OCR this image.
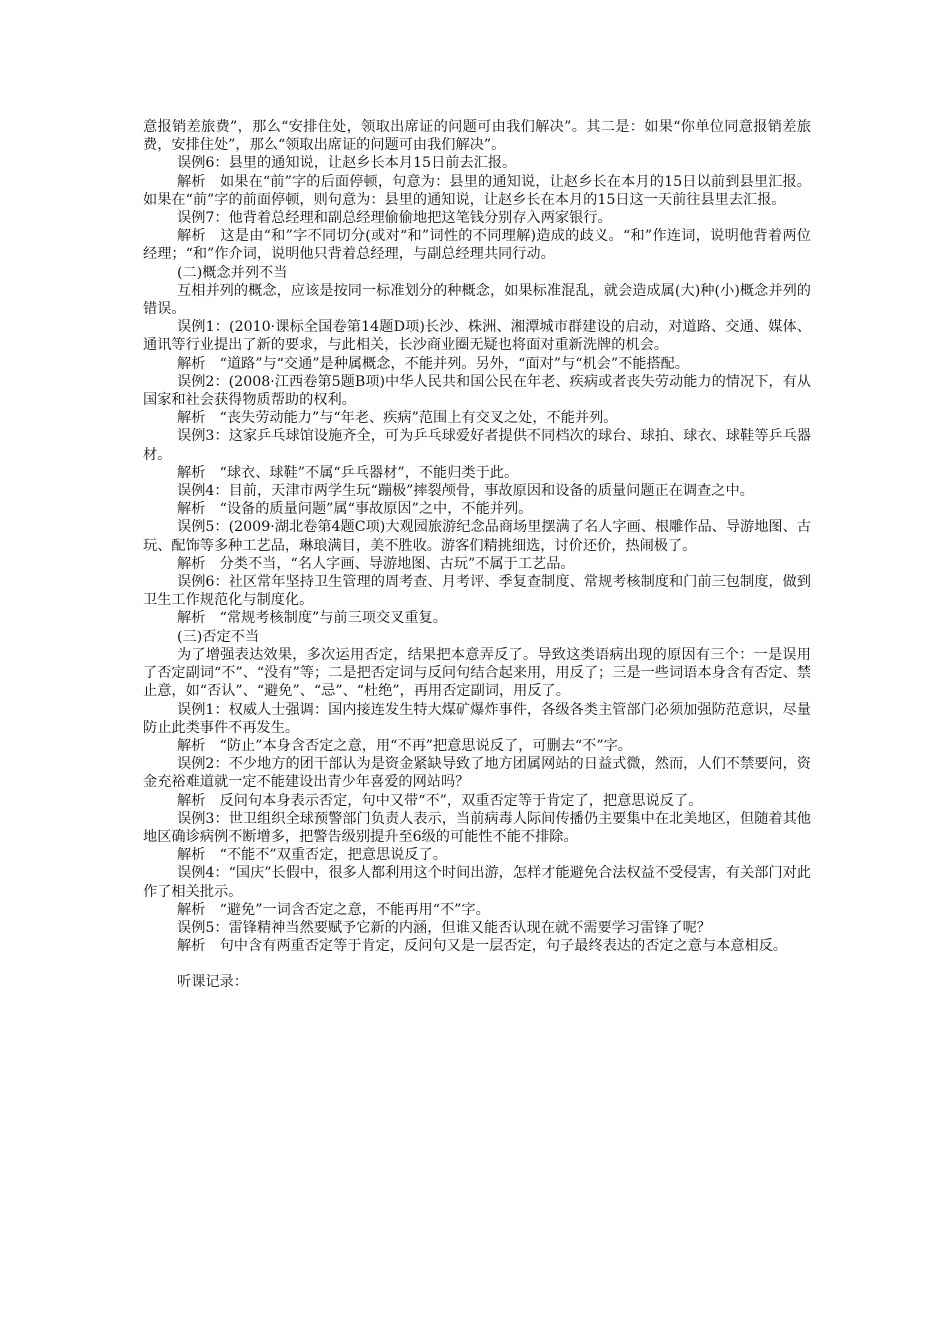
意报销差旅费”，那么“安排住处，领取出席证的问题可由我们解决”。其二是：如果“你单位同意报销差旅费，安排住处”，那么“领取出席证的问题可由我们解决”。

误例6：县里的通知说，让赵乡长本月15日前去汇报。

解析　如果在“前”字的后面停顿，句意为：县里的通知说，让赵乡长在本月的15日以前到县里汇报。如果在“前”字的前面停顿，则句意为：县里的通知说，让赵乡长在本月的15日这一天前往县里去汇报。

误例7：他背着总经理和副总经理偷偷地把这笔钱分别存入两家银行。

解析　这是由“和”字不同切分(或对“和”词性的不同理解)造成的歧义。“和”作连词，说明他背着两位经理；“和”作介词，说明他只背着总经理，与副总经理共同行动。

(二)概念并列不当

互相并列的概念，应该是按同一标准划分的种概念，如果标准混乱，就会造成属(大)种(小)概念并列的错误。

误例1：(2010·课标全国卷第14题D项)长沙、株洲、湘潭城市群建设的启动，对道路、交通、媒体、通讯等行业提出了新的要求，与此相关，长沙商业圈无疑也将面对重新洗牌的机会。

解析　“道路”与“交通”是种属概念，不能并列。另外，“面对”与“机会”不能搭配。

误例2：(2008·江西卷第5题B项)中华人民共和国公民在年老、疾病或者丧失劳动能力的情况下，有从国家和社会获得物质帮助的权利。

解析　“丧失劳动能力”与“年老、疾病”范围上有交叉之处，不能并列。

误例3：这家乒乓球馆设施齐全，可为乒乓球爱好者提供不同档次的球台、球拍、球衣、球鞋等乒乓器材。

解析　“球衣、球鞋”不属“乒乓器材”，不能归类于此。

误例4：目前，天津市两学生玩“蹦极”摔裂颅骨，事故原因和设备的质量问题正在调查之中。

解析　“设备的质量问题”属“事故原因”之中，不能并列。

误例5：(2009·湖北卷第4题C项)大观园旅游纪念品商场里摆满了名人字画、根雕作品、导游地图、古玩、配饰等多种工艺品，琳琅满目，美不胜收。游客们精挑细选，讨价还价，热闹极了。

解析　分类不当，“名人字画、导游地图、古玩”不属于工艺品。

误例6：社区常年坚持卫生管理的周考查、月考评、季复查制度、常规考核制度和门前三包制度，做到卫生工作规范化与制度化。

解析　“常规考核制度”与前三项交叉重复。

(三)否定不当

为了增强表达效果，多次运用否定，结果把本意弄反了。导致这类语病出现的原因有三个：一是误用了否定副词“不”、“没有”等；二是把否定词与反问句结合起来用，用反了；三是一些词语本身含有否定、禁止意，如“否认”、“避免”、“忌”、“杜绝”，再用否定副词，用反了。

误例1：权威人士强调：国内接连发生特大煤矿爆炸事件，各级各类主管部门必须加强防范意识，尽量防止此类事件不再发生。

解析　“防止”本身含否定之意，用“不再”把意思说反了，可删去“不”字。

误例2：不少地方的团干部认为是资金紧缺导致了地方团属网站的日益式微，然而，人们不禁要问，资金充裕难道就一定不能建设出青少年喜爱的网站吗？

解析　反问句本身表示否定，句中又带“不”，双重否定等于肯定了，把意思说反了。

误例3：世卫组织全球预警部门负责人表示，当前病毒人际间传播仍主要集中在北美地区，但随着其他地区确诊病例不断增多，把警告级别提升至6级的可能性不能不排除。

解析　“不能不”双重否定，把意思说反了。

误例4：“国庆”长假中，很多人都利用这个时间出游，怎样才能避免合法权益不受侵害，有关部门对此作了相关批示。

解析　“避免”一词含否定之意，不能再用“不”字。

误例5：雷锋精神当然要赋予它新的内涵，但谁又能否认现在就不需要学习雷锋了呢？

解析　句中含有两重否定等于肯定，反问句又是一层否定，句子最终表达的否定之意与本意相反。

听课记录：
